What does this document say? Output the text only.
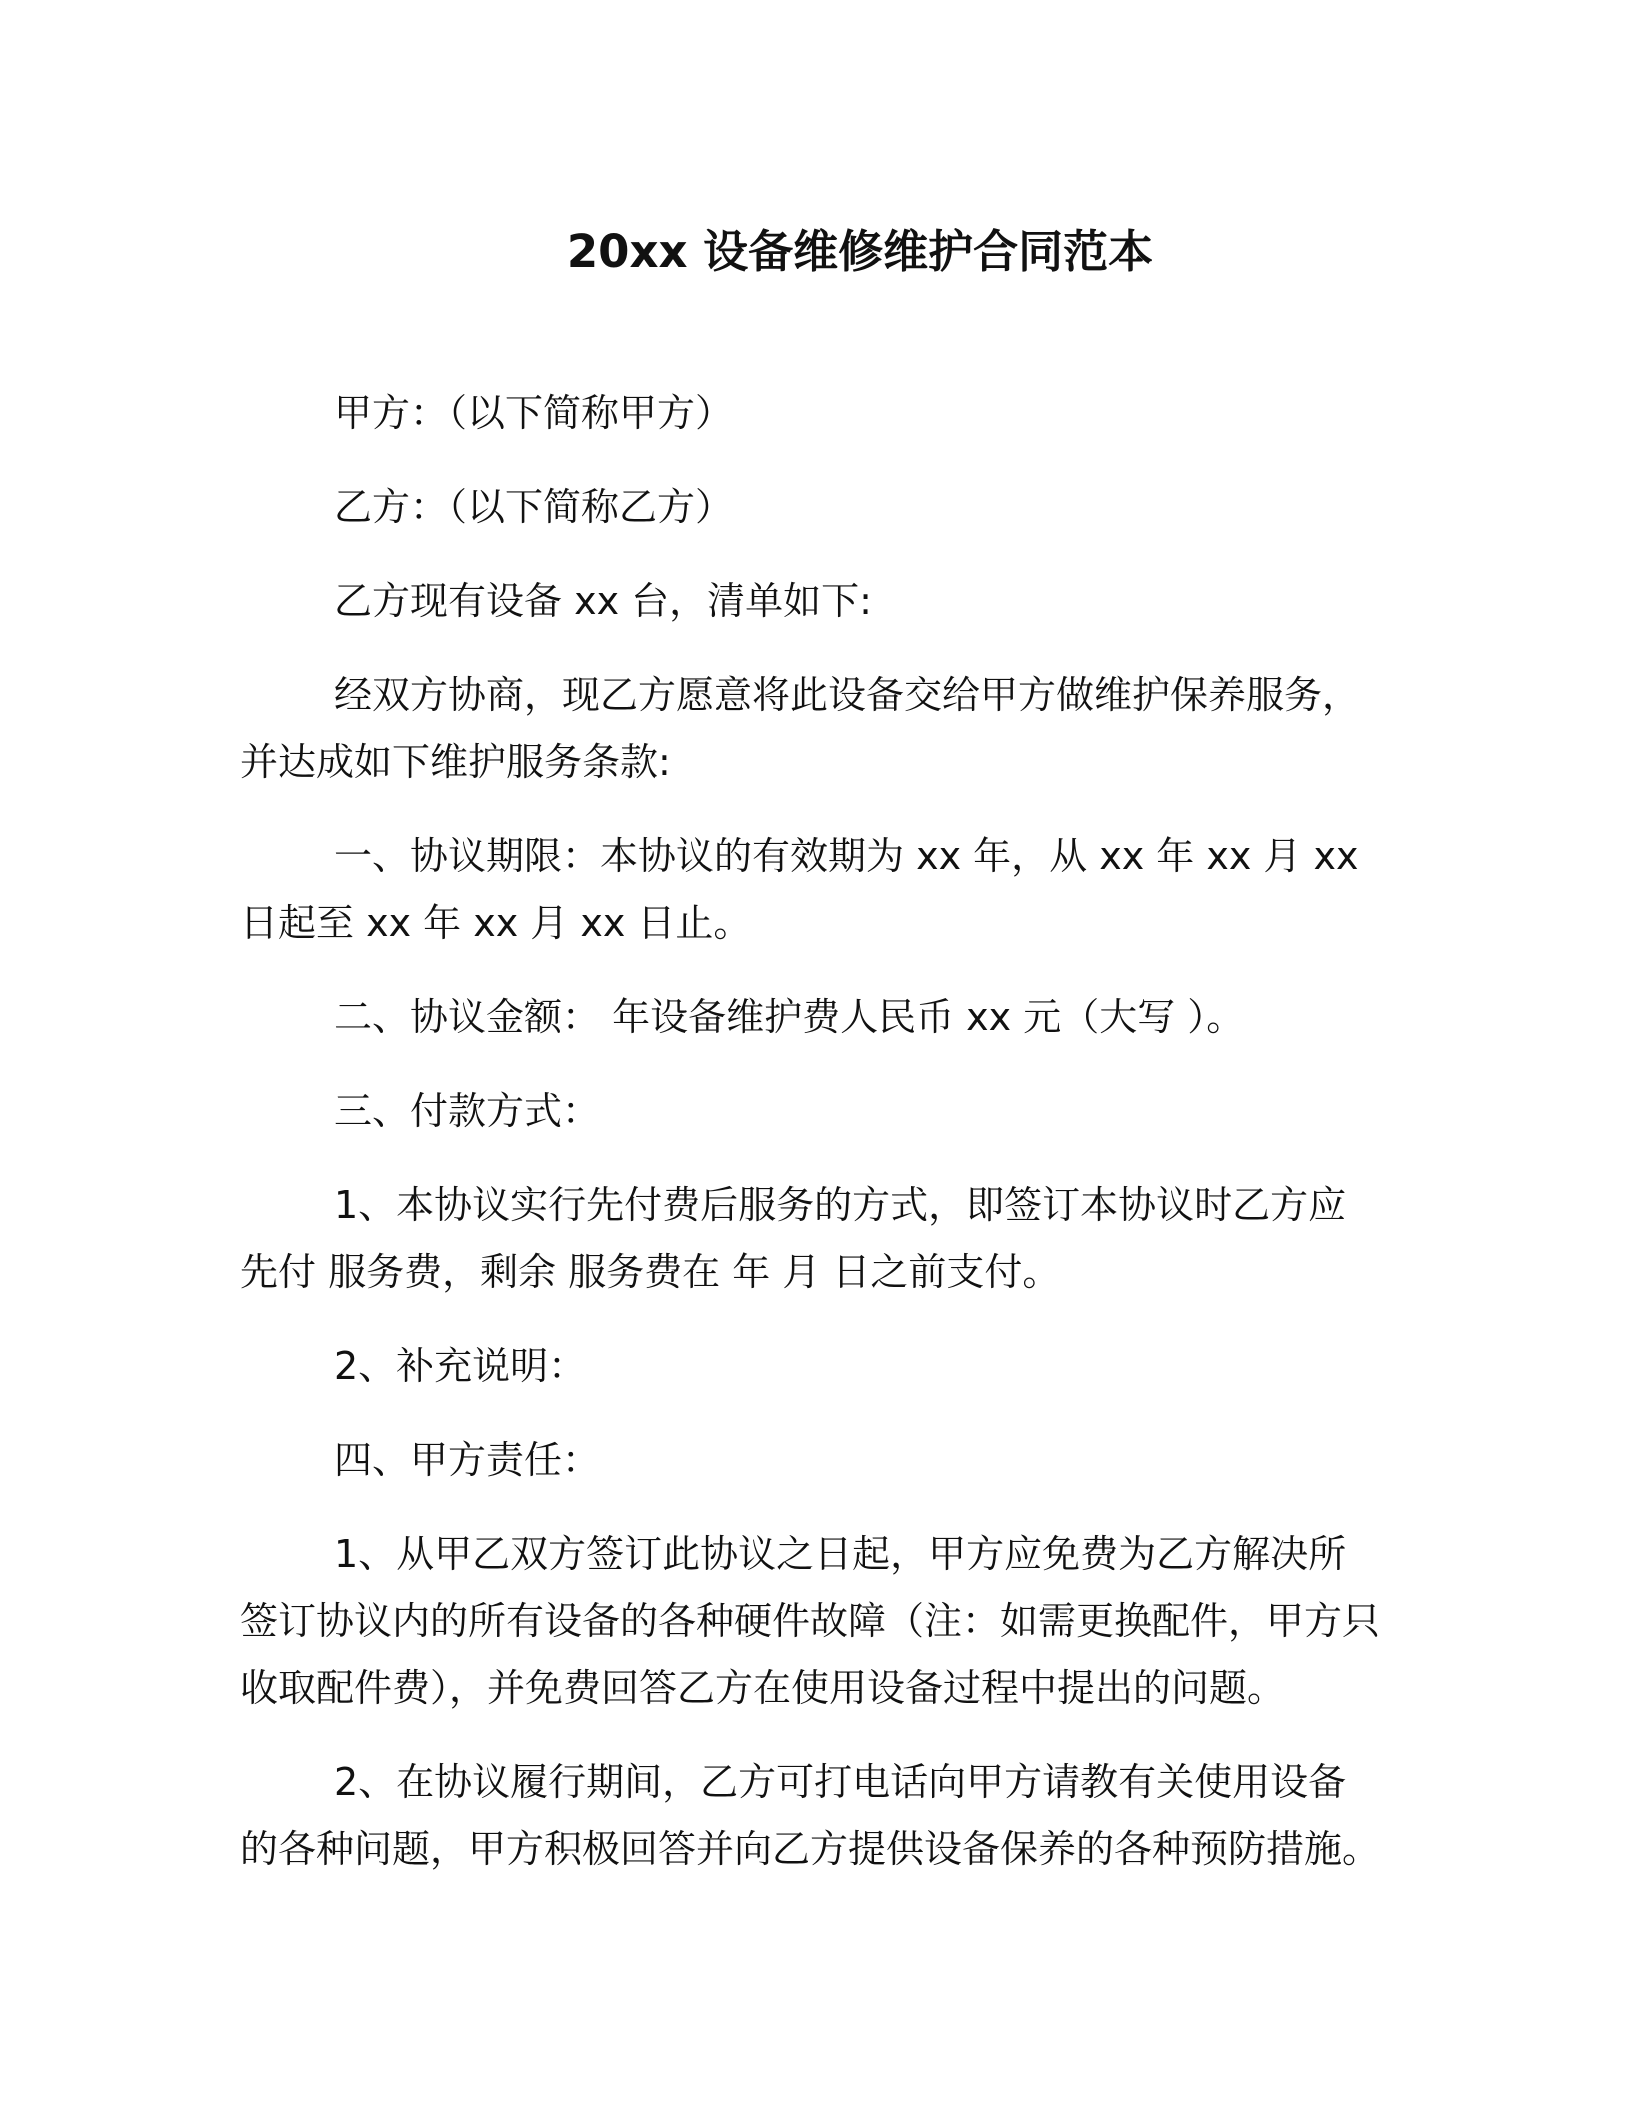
20xx 设备维修维护合同范本

甲方：（以下简称甲方）

乙方：（以下简称乙方）

乙方现有设备 xx 台，清单如下:

经双方协商，现乙方愿意将此设备交给甲方做维护保养服务，并达成如下维护服务条款:

一、协议期限：本协议的有效期为 xx 年，从 xx 年 xx 月 xx 日起至 xx 年 xx 月 xx 日止。

二、协议金额： 年设备维护费人民币 xx 元（大写 ）。

三、付款方式：

1、本协议实行先付费后服务的方式，即签订本协议时乙方应先付 服务费，剩余 服务费在 年 月 日之前支付。

2、补充说明：

四、甲方责任：

1、从甲乙双方签订此协议之日起，甲方应免费为乙方解决所签订协议内的所有设备的各种硬件故障（注：如需更换配件，甲方只收取配件费），并免费回答乙方在使用设备过程中提出的问题。

2、在协议履行期间，乙方可打电话向甲方请教有关使用设备的各种问题，甲方积极回答并向乙方提供设备保养的各种预防措施。
